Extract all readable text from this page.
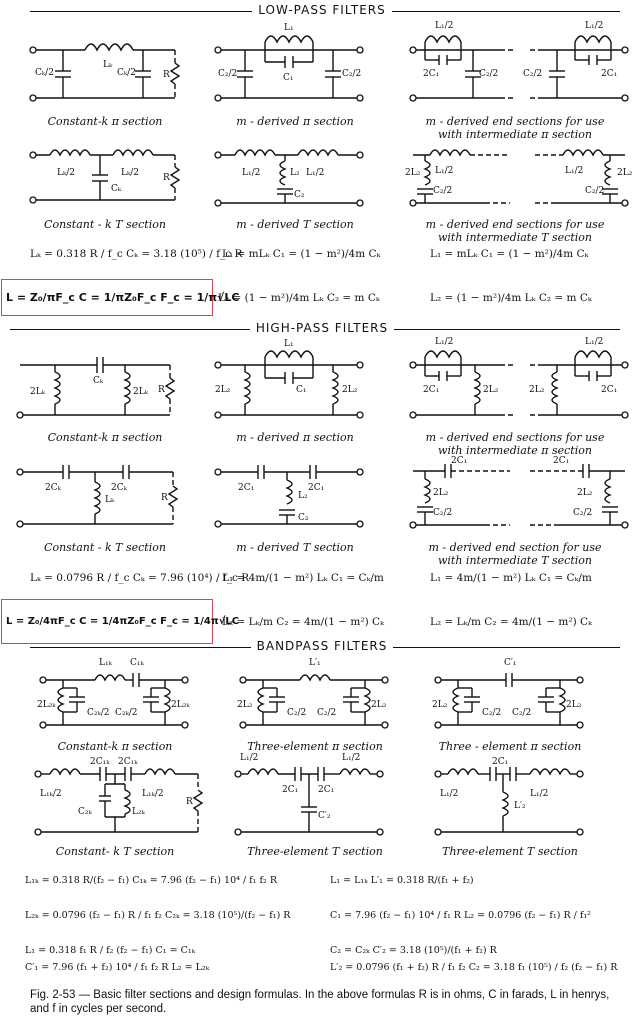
LOW-PASS FILTERS
HIGH-PASS FILTERS
BANDPASS FILTERS
Lₖ
Cₖ/2	Cₖ/2	R
L₁
C₁
C₂/2	C₂/2
L₁/2
2C₁	C₂/2
L₁/2
C₂/2	2C₁
Constant-k π section	m - derived π section	m - derived end sections for use with intermediate π section
Lₖ/2	Lₖ/2
Cₖ
R	L₁/2	L₁/2
L₂
C₂
L₁/2
2L₂
C₂/2
L₁/2	2L₂
C₂/2
Constant - k T section	m - derived T section	m - derived end sections for use with intermediate T section
Lₖ = 0.318 R / f_c Cₖ = 3.18 (10⁵) / f_c R
L₁ = mLₖ C₁ = (1 − m²)/4m Cₖ	L₁ = mLₖ C₁ = (1 − m²)/4m Cₖ
L = Z₀/πF_c C = 1/πZ₀F_c F_c = 1/π√LC
L₂ = (1 − m²)/4m Lₖ C₂ = m Cₖ	L₂ = (1 − m²)/4m Lₖ C₂ = m Cₖ
2Lₖ	2Lₖ
Cₖ
R
L₁
C₁
2L₂	2L₂
L₁/2
2C₁	2L₂
L₁/2
2L₂	2C₁
Constant-k π section	m - derived π section	m - derived end sections for use with intermediate π section
2Cₖ	2Cₖ
Lₖ	R
2C₁	2C₁
L₂
C₂
2C₁
2L₂
C₂/2
2C₁
2L₂
C₂/2
Constant - k T section	m - derived T section	m - derived end section for use with intermediate T section
Lₖ = 0.0796 R / f_c Cₖ = 7.96 (10⁴) / f_c R
L₁ = 4m/(1 − m²) Lₖ C₁ = Cₖ/m	L₁ = 4m/(1 − m²) Lₖ C₁ = Cₖ/m
L = Z₀/4πF_c C = 1/4πZ₀F_c F_c = 1/4π√LC
L₂ = Lₖ/m C₂ = 4m/(1 − m²) Cₖ	L₂ = Lₖ/m C₂ = 4m/(1 − m²) Cₖ
L₁ₖ C₁ₖ
2L₂ₖ	2L₂ₖ
C₂ₖ/2 C₂ₖ/2
L′₁
2L₂	2L₂
C₂/2 C₂/2
C′₁
2L₂	2L₂
C₂/2 C₂/2
Constant-k π section	Three-element π section	Three - element π section
2C₁ₖ 2C₁ₖ
L₁ₖ/2	L₁ₖ/2
C₂ₖ	L₂ₖ
R
L₁/2	L₁/2
2C₁ 2C₁
C′₂
L₁/2	L₁/2
2C₁
L′₂
Constant- k T section	Three-element T section	Three-element T section
L₁ₖ = 0.318 R/(f₂ − f₁) C₁ₖ = 7.96 (f₂ − f₁) 10⁴ / f₁ f₂ R
L₂ₖ = 0.0796 (f₂ − f₁) R / f₁ f₂ C₂ₖ = 3.18 (10⁵)/(f₂ − f₁) R
L₁ = L₁ₖ L′₁ = 0.318 R/(f₁ + f₂)
C₁ = 7.96 (f₂ − f₁) 10⁴ / f₁ R L₂ = 0.0796 (f₂ − f₁) R / f₁²
C₂ = C₂ₖ C′₂ = 3.18 (10⁵)/(f₁ + f₂) R
L₁ = 0.318 f₁ R / f₂ (f₂ − f₁) C₁ = C₁ₖ
C′₁ = 7.96 (f₁ + f₂) 10⁴ / f₁ f₂ R L₂ = L₂ₖ	L′₂ = 0.0796 (f₁ + f₂) R / f₁ f₂ C₂ = 3.18 f₁ (10⁵) / f₂ (f₂ − f₁) R
Fig. 2-53 — Basic filter sections and design formulas. In the above formulas R is in ohms, C in farads, L in henrys, and f in cycles per second.
